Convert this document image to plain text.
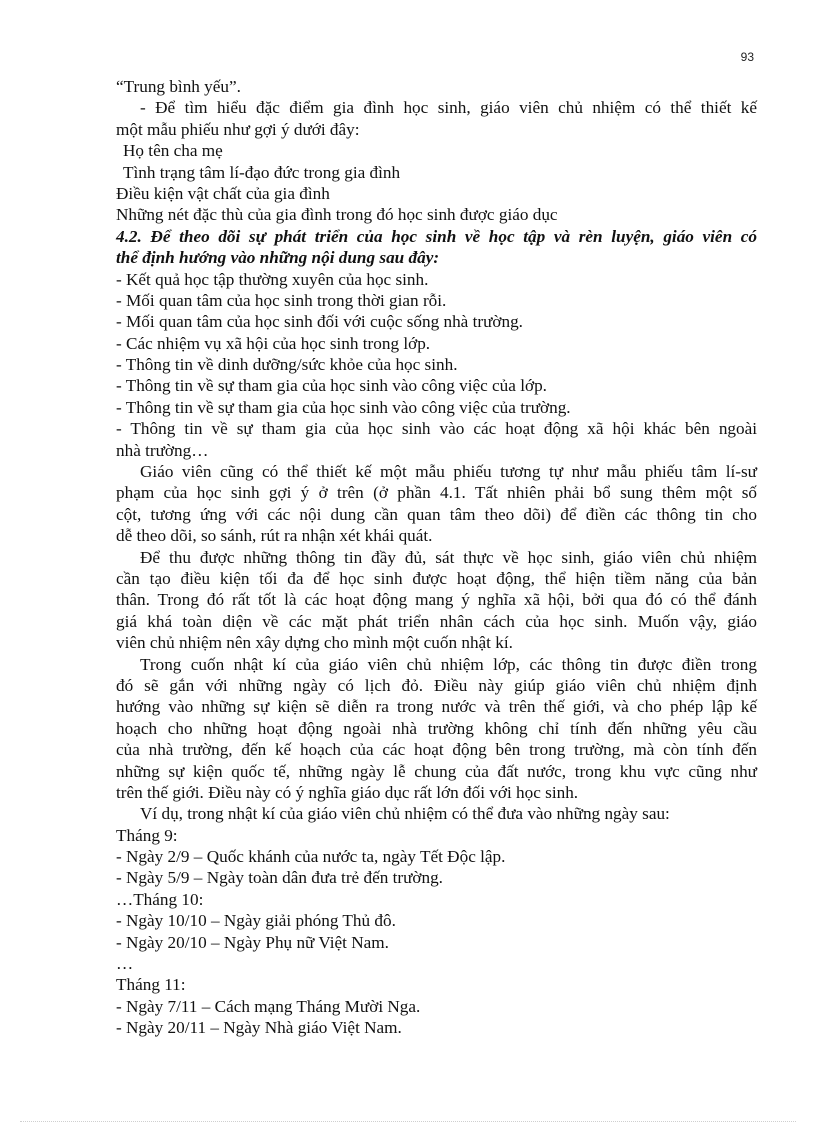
93
“Trung bình yếu”.
- Để tìm hiểu đặc điểm gia đình học sinh, giáo viên chủ nhiệm có thể thiết kế
một mẫu phiếu như gợi ý dưới đây:
Họ tên cha mẹ
Tình trạng tâm lí-đạo đức trong gia đình
Điều kiện vật chất của gia đình
Những nét đặc thù của gia đình trong đó học sinh được giáo dục
4.2. Để theo dõi sự phát triển của học sinh về học tập và rèn luyện, giáo viên có
thể định hướng vào những nội dung sau đây:
- Kết quả học tập thường xuyên của học sinh.
- Mối quan tâm của học sinh trong thời gian rỗi.
- Mối quan tâm của học sinh đối với cuộc sống nhà trường.
- Các nhiệm vụ xã hội của học sinh trong lớp.
- Thông tin về dinh dưỡng/sức khỏe của học sinh.
- Thông tin về sự tham gia của học sinh vào công việc của lớp.
- Thông tin về sự tham gia của học sinh vào công việc của trường.
- Thông tin về sự tham gia của học sinh vào các hoạt động xã hội khác bên ngoài
nhà trường…
Giáo viên cũng có thể thiết kế một mẫu phiếu tương tự như mẫu phiếu tâm lí-sư
phạm của học sinh gợi ý ở trên (ở phần 4.1. Tất nhiên phải bổ sung thêm một số
cột, tương ứng với các nội dung cần quan tâm theo dõi) để điền các thông tin cho
dễ theo dõi, so sánh, rút ra nhận xét khái quát.
Để thu được những thông tin đầy đủ, sát thực về học sinh, giáo viên chủ nhiệm
cần tạo điều kiện tối đa để học sinh được hoạt động, thể hiện tiềm năng của bản
thân. Trong đó rất tốt là các hoạt động mang ý nghĩa xã hội, bởi qua đó có thể đánh
giá khá toàn diện về các mặt phát triển nhân cách của học sinh. Muốn vậy, giáo
viên chủ nhiệm nên xây dựng cho mình một cuốn nhật kí.
Trong cuốn nhật kí của giáo viên chủ nhiệm lớp, các thông tin được điền trong
đó sẽ gắn với những ngày có lịch đỏ. Điều này giúp giáo viên chủ nhiệm định
hướng vào những sự kiện sẽ diễn ra trong nước và trên thế giới, và cho phép lập kế
hoạch cho những hoạt động ngoài nhà trường không chỉ tính đến những yêu cầu
của nhà trường, đến kế hoạch của các hoạt động bên trong trường, mà còn tính đến
những sự kiện quốc tế, những ngày lễ chung của đất nước, trong khu vực cũng như
trên thế giới. Điều này có ý nghĩa giáo dục rất lớn đối với học sinh.
Ví dụ, trong nhật kí của giáo viên chủ nhiệm có thể đưa vào những ngày sau:
Tháng 9:
- Ngày 2/9 – Quốc khánh của nước ta, ngày Tết Độc lập.
- Ngày 5/9 – Ngày toàn dân đưa trẻ đến trường.
…Tháng 10:
- Ngày 10/10 – Ngày giải phóng Thủ đô.
- Ngày 20/10 – Ngày Phụ nữ Việt Nam.
…
Tháng 11:
- Ngày 7/11 – Cách mạng Tháng Mười Nga.
- Ngày 20/11 – Ngày Nhà giáo Việt Nam.
